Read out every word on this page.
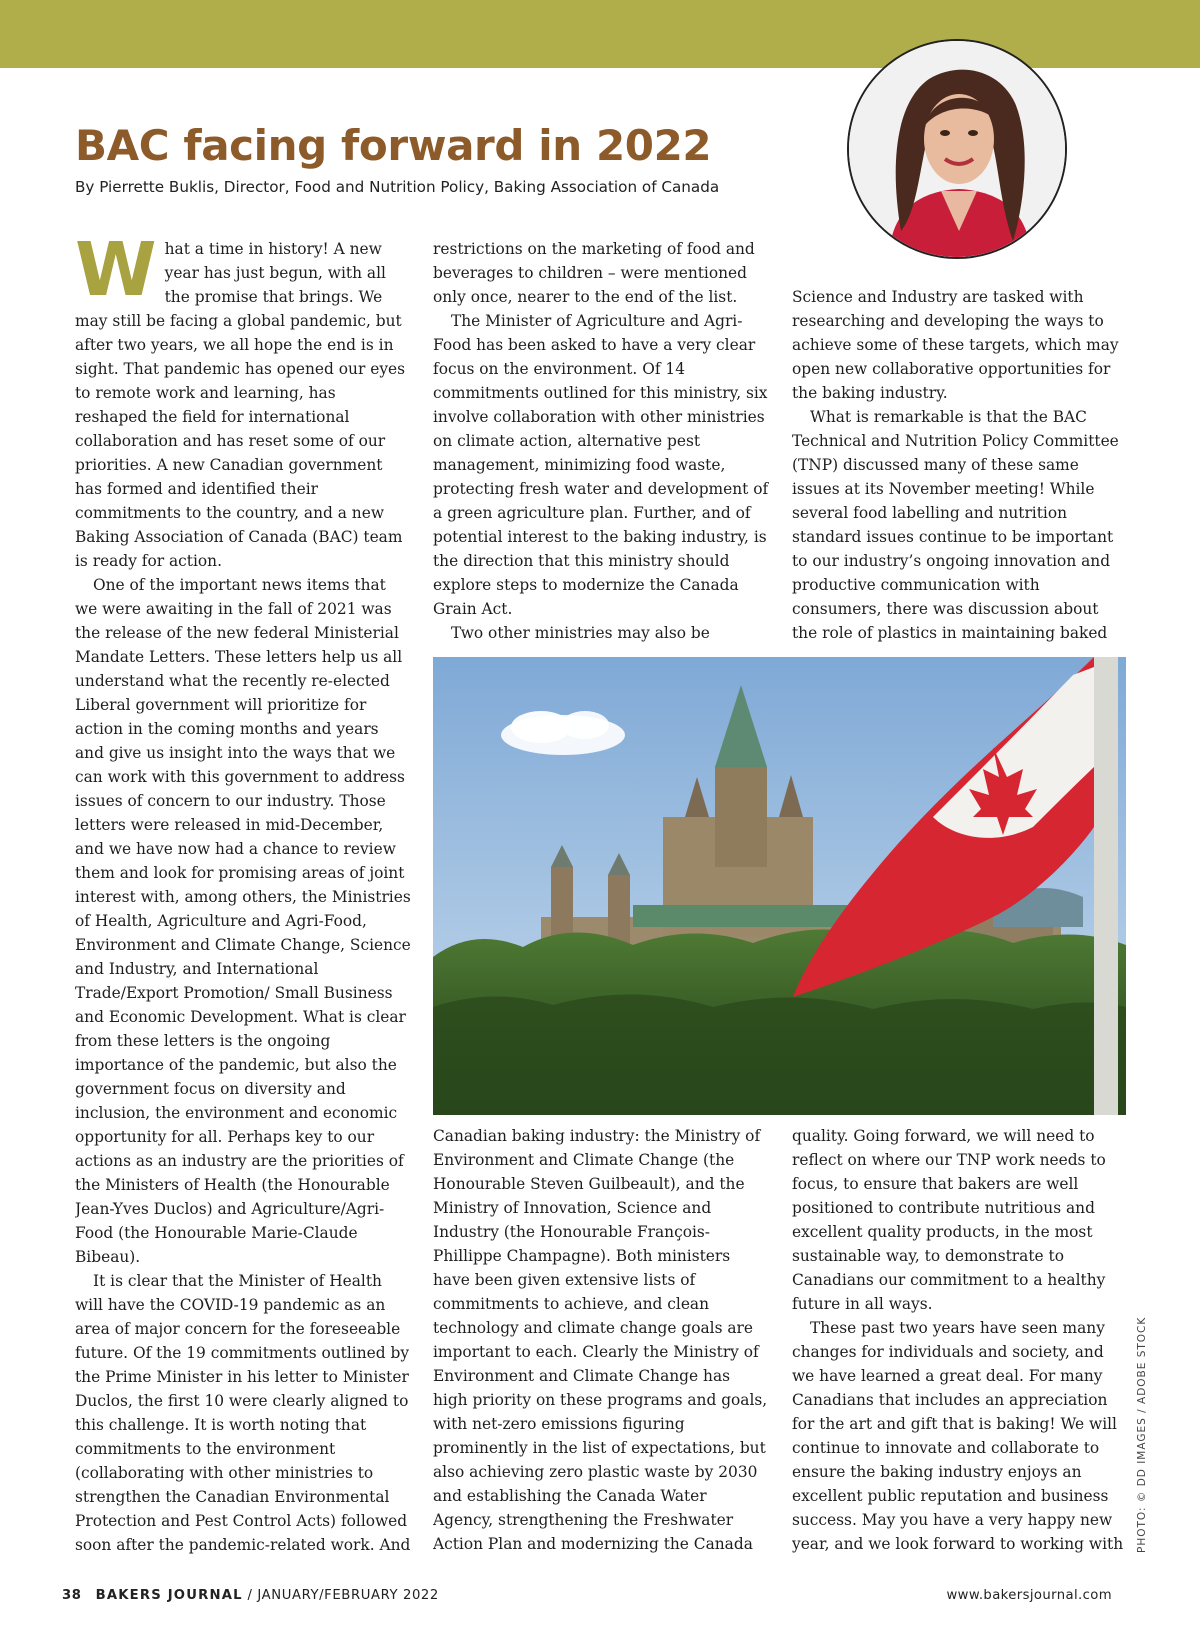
BAC facing forward in 2022
By Pierrette Buklis, Director, Food and Nutrition Policy, Baking Association of Canada

What a time in history! A new year has just begun, with all the promise that brings. We may still be facing a global pandemic, but after two years, we all hope the end is in sight. That pandemic has opened our eyes to remote work and learning, has reshaped the field for international collaboration and has reset some of our priorities. A new Canadian government has formed and identified their commitments to the country, and a new Baking Association of Canada (BAC) team is ready for action.

One of the important news items that we were awaiting in the fall of 2021 was the release of the new federal Ministerial Mandate Letters. These letters help us all understand what the recently re-elected Liberal government will prioritize for action in the coming months and years and give us insight into the ways that we can work with this government to address issues of concern to our industry. Those letters were released in mid-December, and we have now had a chance to review them and look for promising areas of joint interest with, among others, the Ministries of Health, Agriculture and Agri-Food, Environment and Climate Change, Science and Industry, and International Trade/Export Promotion/ Small Business and Economic Development. What is clear from these letters is the ongoing importance of the pandemic, but also the government focus on diversity and inclusion, the environment and economic opportunity for all. Perhaps key to our actions as an industry are the priorities of the Ministers of Health (the Honourable Jean-Yves Duclos) and Agriculture/Agri-Food (the Honourable Marie-Claude Bibeau).

It is clear that the Minister of Health will have the COVID-19 pandemic as an area of major concern for the foreseeable future. Of the 19 commitments outlined by the Prime Minister in his letter to Minister Duclos, the first 10 were clearly aligned to this challenge. It is worth noting that commitments to the environment (collaborating with other ministries to strengthen the Canadian Environmental Protection and Pest Control Acts) followed soon after the pandemic-related work. And

restrictions on the marketing of food and beverages to children – were mentioned only once, nearer to the end of the list.

The Minister of Agriculture and Agri-Food has been asked to have a very clear focus on the environment. Of 14 commitments outlined for this ministry, six involve collaboration with other ministries on climate action, alternative pest management, minimizing food waste, protecting fresh water and development of a green agriculture plan. Further, and of potential interest to the baking industry, is the direction that this ministry should explore steps to modernize the Canada Grain Act.

Two other ministries may also be

Science and Industry are tasked with researching and developing the ways to achieve some of these targets, which may open new collaborative opportunities for the baking industry.

What is remarkable is that the BAC Technical and Nutrition Policy Committee (TNP) discussed many of these same issues at its November meeting! While several food labelling and nutrition standard issues continue to be important to our industry’s ongoing innovation and productive communication with consumers, there was discussion about the role of plastics in maintaining baked

Canadian baking industry: the Ministry of Environment and Climate Change (the Honourable Steven Guilbeault), and the Ministry of Innovation, Science and Industry (the Honourable François-Phillippe Champagne). Both ministers have been given extensive lists of commitments to achieve, and clean technology and climate change goals are important to each. Clearly the Ministry of Environment and Climate Change has high priority on these programs and goals, with net-zero emissions figuring prominently in the list of expectations, but also achieving zero plastic waste by 2030 and establishing the Canada Water Agency, strengthening the Freshwater Action Plan and modernizing the Canada

quality. Going forward, we will need to reflect on where our TNP work needs to focus, to ensure that bakers are well positioned to contribute nutritious and excellent quality products, in the most sustainable way, to demonstrate to Canadians our commitment to a healthy future in all ways.

These past two years have seen many changes for individuals and society, and we have learned a great deal. For many Canadians that includes an appreciation for the art and gift that is baking! We will continue to innovate and collaborate to ensure the baking industry enjoys an excellent public reputation and business success. May you have a very happy new year, and we look forward to working with	PHOTO: © DD IMAGES / ADOBE STOCK
38 BAKERS JOURNAL / JANUARY/FEBRUARY 2022	www.bakersjournal.com
